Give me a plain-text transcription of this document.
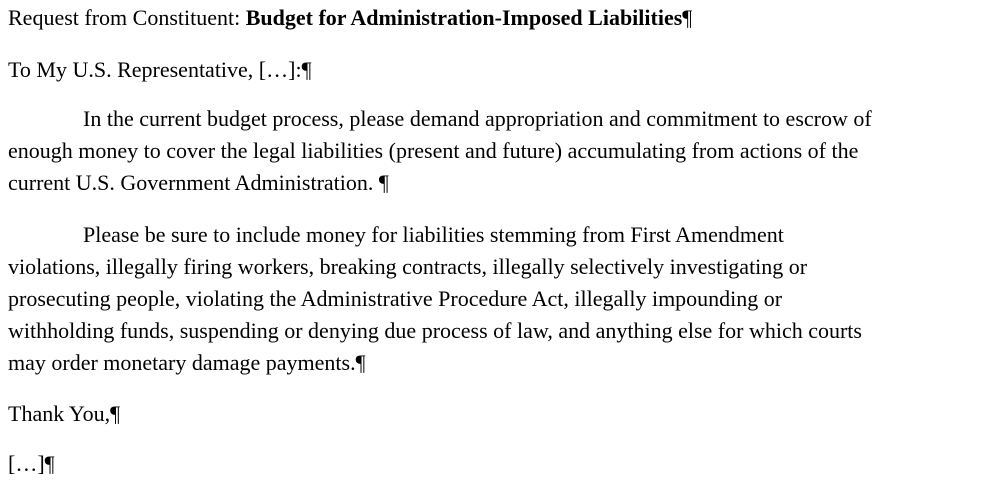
Request from Constituent: Budget for Administration-Imposed Liabilities¶

To My U.S. Representative, […]:¶

In the current budget process, please demand appropriation and commitment to escrow of
enough money to cover the legal liabilities (present and future) accumulating from actions of the
current U.S. Government Administration. ¶
Please be sure to include money for liabilities stemming from First Amendment
violations, illegally firing workers, breaking contracts, illegally selectively investigating or
prosecuting people, violating the Administrative Procedure Act, illegally impounding or
withholding funds, suspending or denying due process of law, and anything else for which courts
may order monetary damage payments.¶

Thank You,¶

[…]¶
